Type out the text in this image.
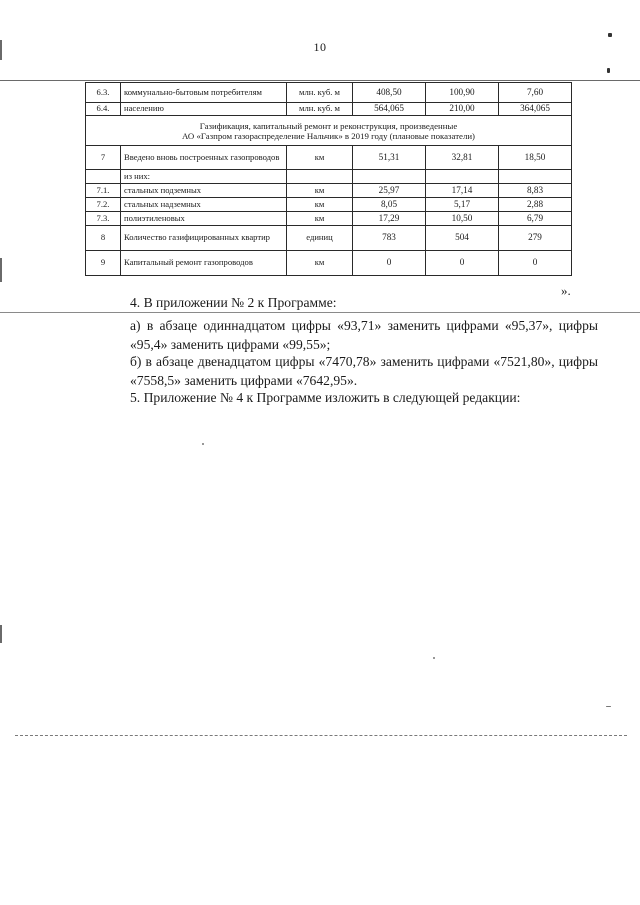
10
6.3.	коммунально-бытовым потребителям	млн. куб. м	408,50	100,90	7,60
6.4.	населению	млн. куб. м	564,065	210,00	364,065

Газификация, капитальный ремонт и реконструкция, произведенные
АО «Газпром газораспределение Нальчик» в 2019 году (плановые показатели)					

7	Введено вновь построенных газопроводов	км	51,31	32,81	18,50
	из них:				
7.1.	стальных подземных	км	25,97	17,14	8,83
7.2.	стальных надземных	км	8,05	5,17	2,88
7.3.	полиэтиленовых	км	17,29	10,50	6,79
8	Количество газифицированных квартир	единиц	783	504	279
9	Капитальный ремонт газопроводов	км	0	0	0
».

4. В приложении № 2 к Программе:

а) в абзаце одиннадцатом цифры «93,71» заменить цифрами «95,37», цифры «95,4» заменить цифрами «99,55»;

б) в абзаце двенадцатом цифры «7470,78» заменить цифрами «7521,80», цифры «7558,5» заменить цифрами «7642,95».

5. Приложение № 4 к Программе изложить в следующей редакции:
